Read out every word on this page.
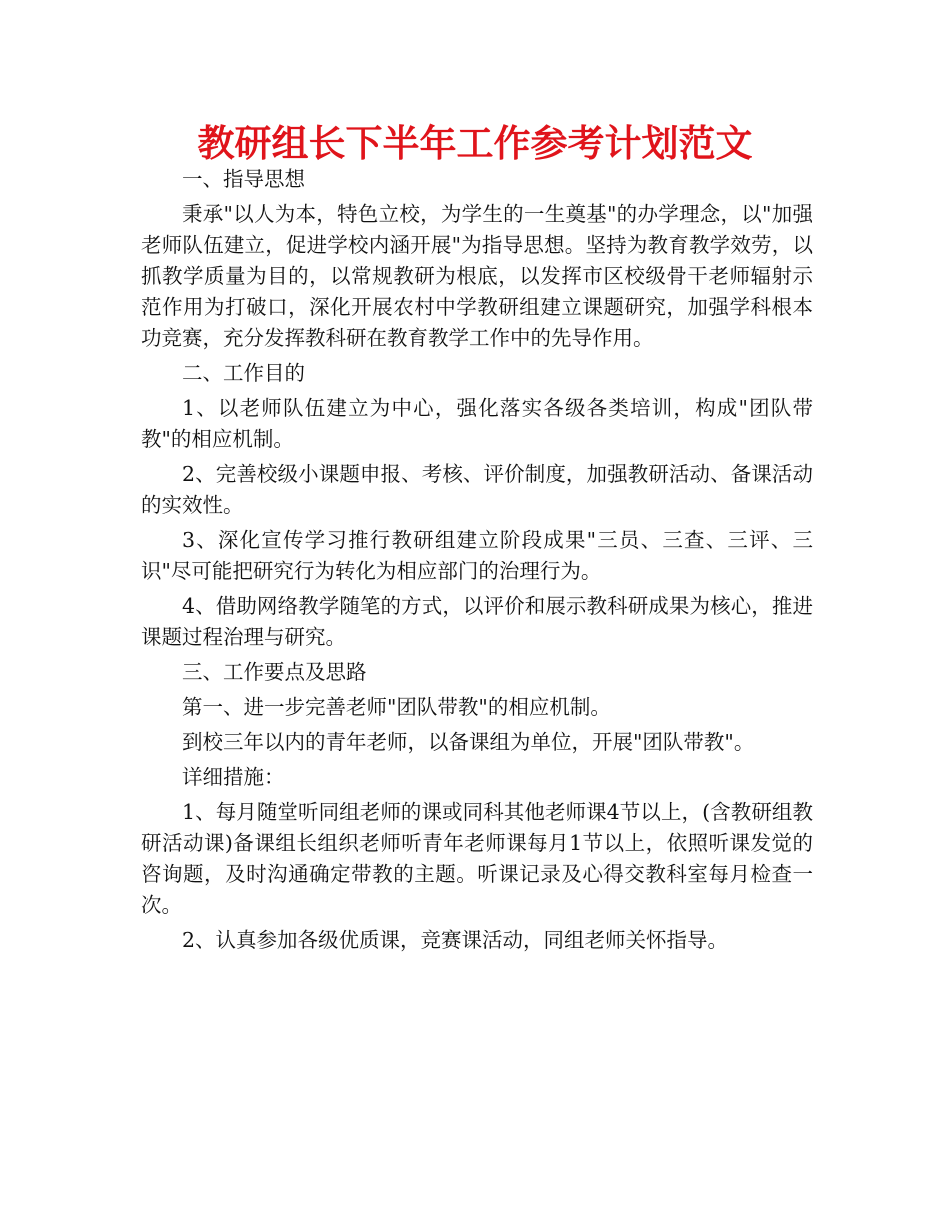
教研组长下半年工作参考计划范文

一、指导思想

秉承"以人为本，特色立校，为学生的一生奠基"的办学理念，以"加强老师队伍建立，促进学校内涵开展"为指导思想。坚持为教育教学效劳，以抓教学质量为目的，以常规教研为根底，以发挥市区校级骨干老师辐射示范作用为打破口，深化开展农村中学教研组建立课题研究，加强学科根本功竞赛，充分发挥教科研在教育教学工作中的先导作用。

二、工作目的

1、以老师队伍建立为中心，强化落实各级各类培训，构成"团队带教"的相应机制。

2、完善校级小课题申报、考核、评价制度，加强教研活动、备课活动的实效性。

3、深化宣传学习推行教研组建立阶段成果"三员、三查、三评、三识"尽可能把研究行为转化为相应部门的治理行为。

4、借助网络教学随笔的方式，以评价和展示教科研成果为核心，推进课题过程治理与研究。

三、工作要点及思路

第一、进一步完善老师"团队带教"的相应机制。

到校三年以内的青年老师，以备课组为单位，开展"团队带教"。

详细措施：

1、每月随堂听同组老师的课或同科其他老师课4节以上，(含教研组教研活动课)备课组长组织老师听青年老师课每月1节以上，依照听课发觉的咨询题，及时沟通确定带教的主题。听课记录及心得交教科室每月检查一次。

2、认真参加各级优质课，竞赛课活动，同组老师关怀指导。
